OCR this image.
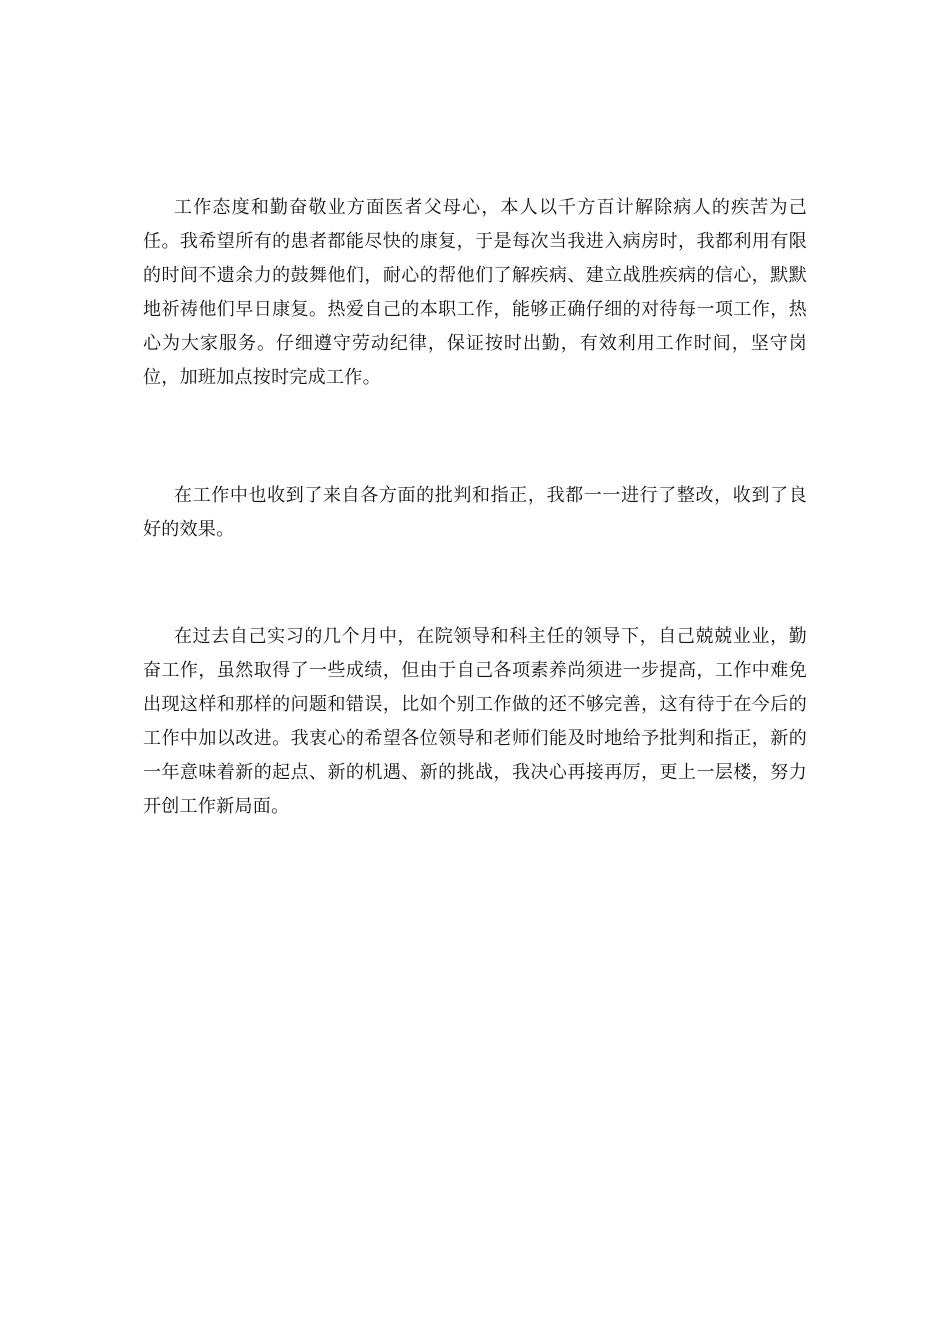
工作态度和勤奋敬业方面医者父母心，本人以千方百计解除病人的疾苦为己任。我希望所有的患者都能尽快的康复，于是每次当我进入病房时，我都利用有限的时间不遗余力的鼓舞他们，耐心的帮他们了解疾病、建立战胜疾病的信心，默默地祈祷他们早日康复。热爱自己的本职工作，能够正确仔细的对待每一项工作，热心为大家服务。仔细遵守劳动纪律，保证按时出勤，有效利用工作时间，坚守岗位，加班加点按时完成工作。

在工作中也收到了来自各方面的批判和指正，我都一一进行了整改，收到了良好的效果。

在过去自己实习的几个月中，在院领导和科主任的领导下，自己兢兢业业，勤奋工作，虽然取得了一些成绩，但由于自己各项素养尚须进一步提高，工作中难免出现这样和那样的问题和错误，比如个别工作做的还不够完善，这有待于在今后的工作中加以改进。我衷心的希望各位领导和老师们能及时地给予批判和指正，新的一年意味着新的起点、新的机遇、新的挑战，我决心再接再厉，更上一层楼，努力开创工作新局面。
